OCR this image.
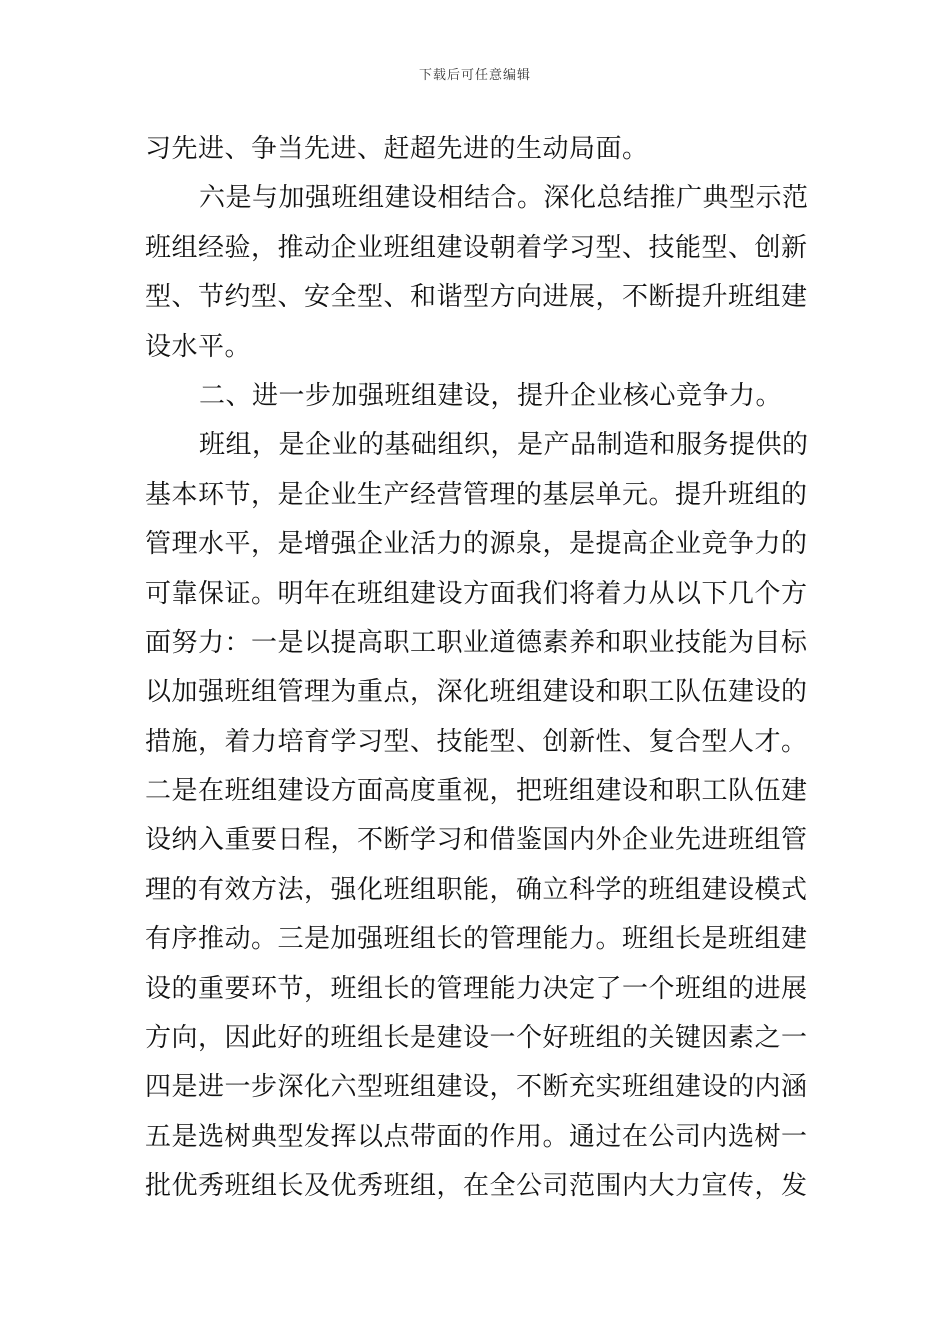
下载后可任意编辑
习先进、争当先进、赶超先进的生动局面。
六是与加强班组建设相结合。深化总结推广典型示范
班组经验，推动企业班组建设朝着学习型、技能型、创新
型、节约型、安全型、和谐型方向进展，不断提升班组建
设水平。
二、进一步加强班组建设，提升企业核心竞争力。
班组，是企业的基础组织，是产品制造和服务提供的
基本环节，是企业生产经营管理的基层单元。提升班组的
管理水平，是增强企业活力的源泉，是提高企业竞争力的
可靠保证。明年在班组建设方面我们将着力从以下几个方
面努力：一是以提高职工职业道德素养和职业技能为目标
以加强班组管理为重点，深化班组建设和职工队伍建设的
措施，着力培育学习型、技能型、创新性、复合型人才。
二是在班组建设方面高度重视，把班组建设和职工队伍建
设纳入重要日程，不断学习和借鉴国内外企业先进班组管
理的有效方法，强化班组职能，确立科学的班组建设模式
有序推动。三是加强班组长的管理能力。班组长是班组建
设的重要环节，班组长的管理能力决定了一个班组的进展
方向，因此好的班组长是建设一个好班组的关键因素之一
四是进一步深化六型班组建设，不断充实班组建设的内涵
五是选树典型发挥以点带面的作用。通过在公司内选树一
批优秀班组长及优秀班组，在全公司范围内大力宣传，发
